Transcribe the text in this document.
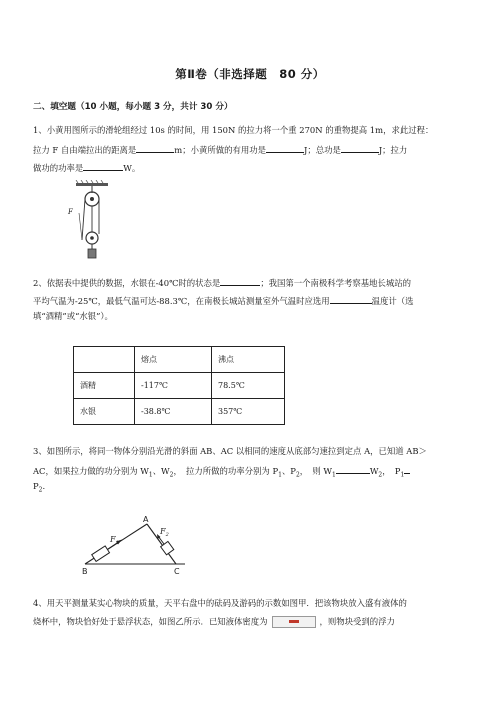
第Ⅱ卷（非选择题　80 分）
二、填空题（10 小题，每小题 3 分，共计 30 分）
1、小黄用图所示的滑轮组经过 10s 的时间，用 150N 的拉力将一个重 270N 的重物提高 1m，求此过程：
拉力 F 自由端拉出的距离是	m；小黄所做的有用功是	J；总功是	J；拉力
做功的功率是	W。
F
2、依据表中提供的数据，水银在-40℃时的状态是	；我国第一个南极科学考察基地长城站的
平均气温为-25℃，最低气温可达-88.3℃，在南极长城站测量室外气温时应选用	温度计（选
填“酒精”或“水银”）。
	熔点	沸点
酒精	-117℃	78.5℃
水银	-38.8℃	357℃
3、如图所示，将同一物体分别沿光滑的斜面 AB、AC 以相同的速度从底部匀速拉到定点 A，已知道 AB＞
AC，如果拉力做的功分别为 $W_1$、$W_2$，　拉力所做的功率分别为 $P_1$、$P_2$，　则 $W_1$	$W_2$，　$P_1$
$P_2$.
A
B	C
$F_1$
$F_2$
4、用天平测量某实心物块的质量，天平右盘中的砝码及游码的示数如图甲．把该物块放入盛有液体的
烧杯中，物块恰好处于悬浮状态，如图乙所示．已知液体密度为	，则物块受到的浮力
